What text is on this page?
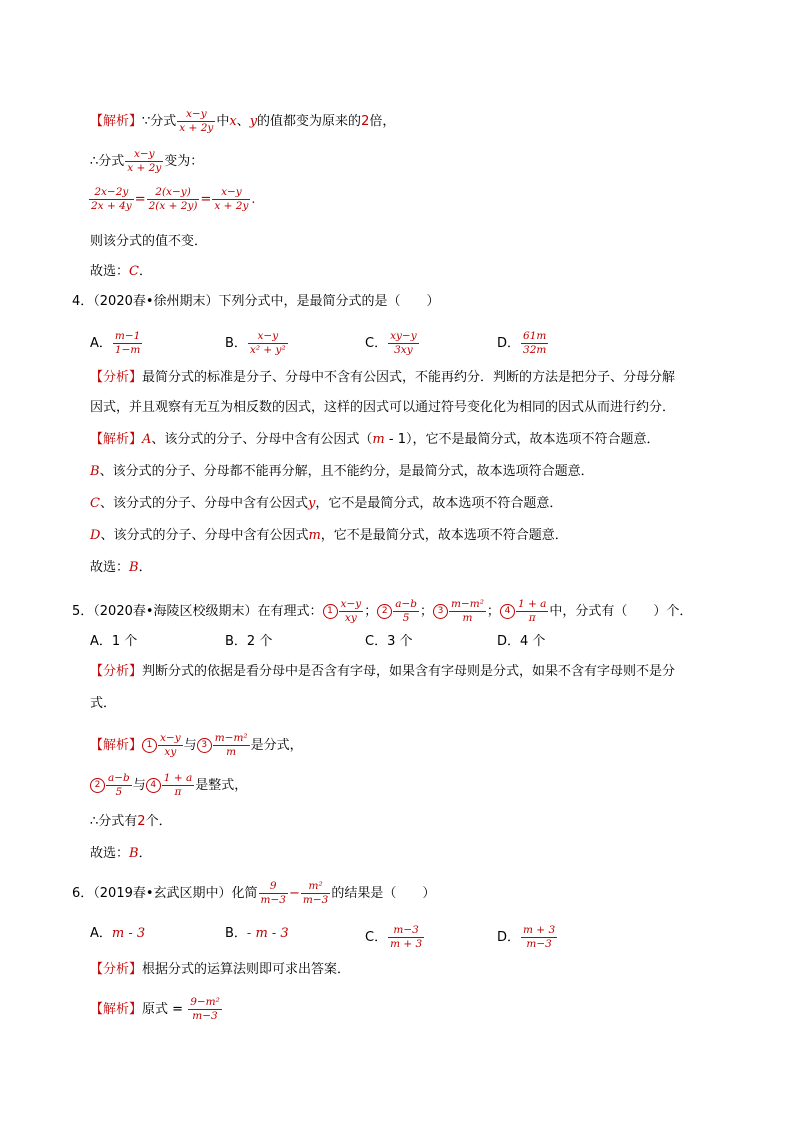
【解析】∵分式 $\frac{x-y}{x + 2y}$ 中x、y的值都变为原来的2倍，
∴分式 $\frac{x-y}{x + 2y}$ 变为：
$\frac{2x-2y}{2x + 4y} = \frac{2(x-y)}{2(x + 2y)} = \frac{x-y}{x + 2y}$ .
则该分式的值不变．
故选：C．
4．（2020春•徐州期末）下列分式中，是最简分式的是（　　）
A． $\frac{m-1}{1-m}$	B． $\frac{x-y}{\text{x² + y²}}$	C． $\frac{xy-y}{3xy}$	D． $\frac{61m}{32m}$
【分析】最简分式的标准是分子、分母中不含有公因式，不能再约分．判断的方法是把分子、分母分解
因式，并且观察有无互为相反数的因式，这样的因式可以通过符号变化化为相同的因式从而进行约分．
【解析】A、该分式的分子、分母中含有公因式（m - 1），它不是最简分式，故本选项不符合题意．
B、该分式的分子、分母都不能再分解，且不能约分，是最简分式，故本选项符合题意．
C、该分式的分子、分母中含有公因式y，它不是最简分式，故本选项不符合题意．
D、该分式的分子、分母中含有公因式m，它不是最简分式，故本选项不符合题意．
故选：B．
5．（2020春•海陵区校级期末）在有理式： $1 \frac{x-y}{xy}$ ； $2 \frac{a-b}{5}$ ； $3 \frac{\text{m−m²}}{m}$ ； $4 \frac{1 + a}{\pi}$ 中，分式有（　　）个．
A．1 个	B．2 个	C．3 个	D．4 个
【分析】判断分式的依据是看分母中是否含有字母，如果含有字母则是分式，如果不含有字母则不是分
式．
【解析】 $1 \frac{x-y}{xy}$ 与 $3 \frac{\text{m−m²}}{m}$ 是分式，
$2 \frac{a-b}{5}$ 与 $4 \frac{1 + a}{\pi}$ 是整式，
∴分式有2个．
故选：B．
6．（2019春•玄武区期中）化简 $\frac{9}{m-3} - \frac{\text{m²}}{m-3}$ 的结果是（　　）
A．m - 3	B．- m - 3	C． $\frac{m-3}{m + 3}$	D． $\frac{m + 3}{m-3}$
【分析】根据分式的运算法则即可求出答案．
【解析】原式 = $\frac{\text{9−m²}}{m-3}$
